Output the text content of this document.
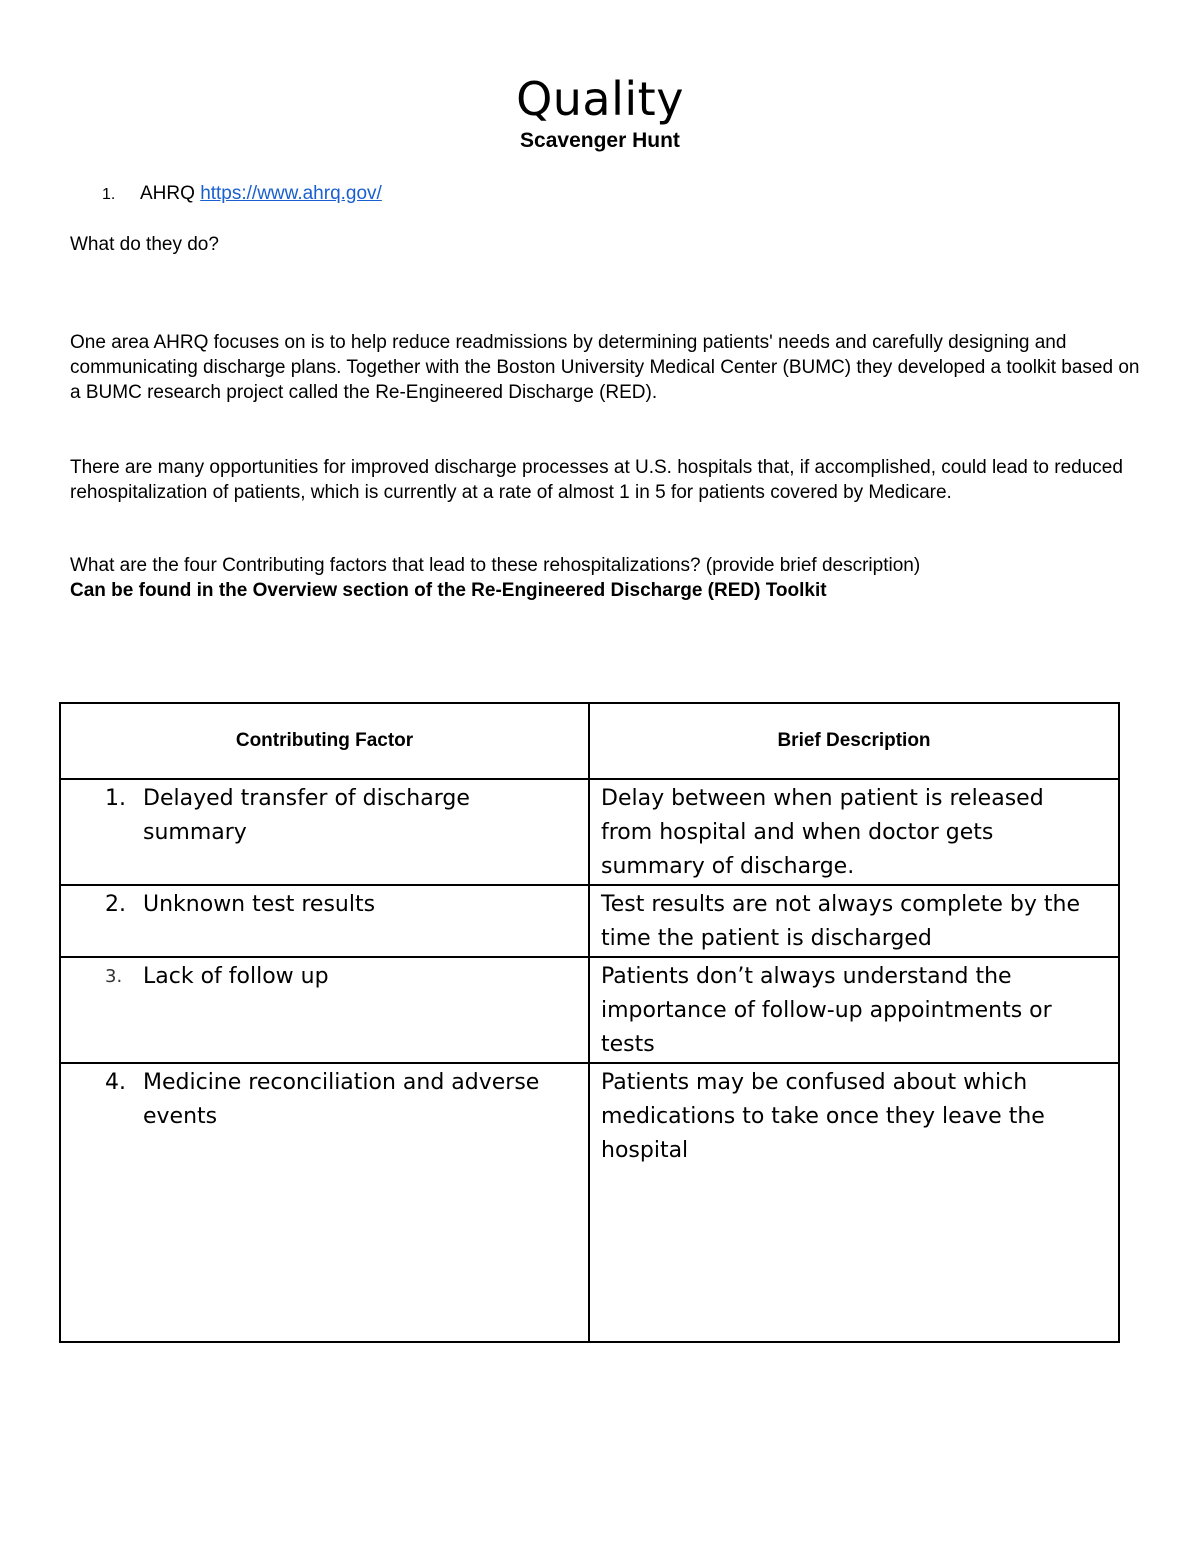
Quality
Scavenger Hunt
1. AHRQ https://www.ahrq.gov/
What do they do?
One area AHRQ focuses on is to help reduce readmissions by determining patients' needs and carefully designing and communicating discharge plans. Together with the Boston University Medical Center (BUMC) they developed a toolkit based on a BUMC research project called the Re-Engineered Discharge (RED).
There are many opportunities for improved discharge processes at U.S. hospitals that, if accomplished, could lead to reduced rehospitalization of patients, which is currently at a rate of almost 1 in 5 for patients covered by Medicare.
What are the four Contributing factors that lead to these rehospitalizations? (provide brief description)
Can be found in the Overview section of the Re-Engineered Discharge (RED) Toolkit
Contributing Factor	Brief Description

1. Delayed transfer of discharge summary	Delay between when patient is released from hospital and when doctor gets summary of discharge.

2. Unknown test results	Test results are not always complete by the time the patient is discharged

3. Lack of follow up	Patients don’t always understand the importance of follow-up appointments or tests

4. Medicine reconciliation and adverse events	Patients may be confused about which medications to take once they leave the hospital
